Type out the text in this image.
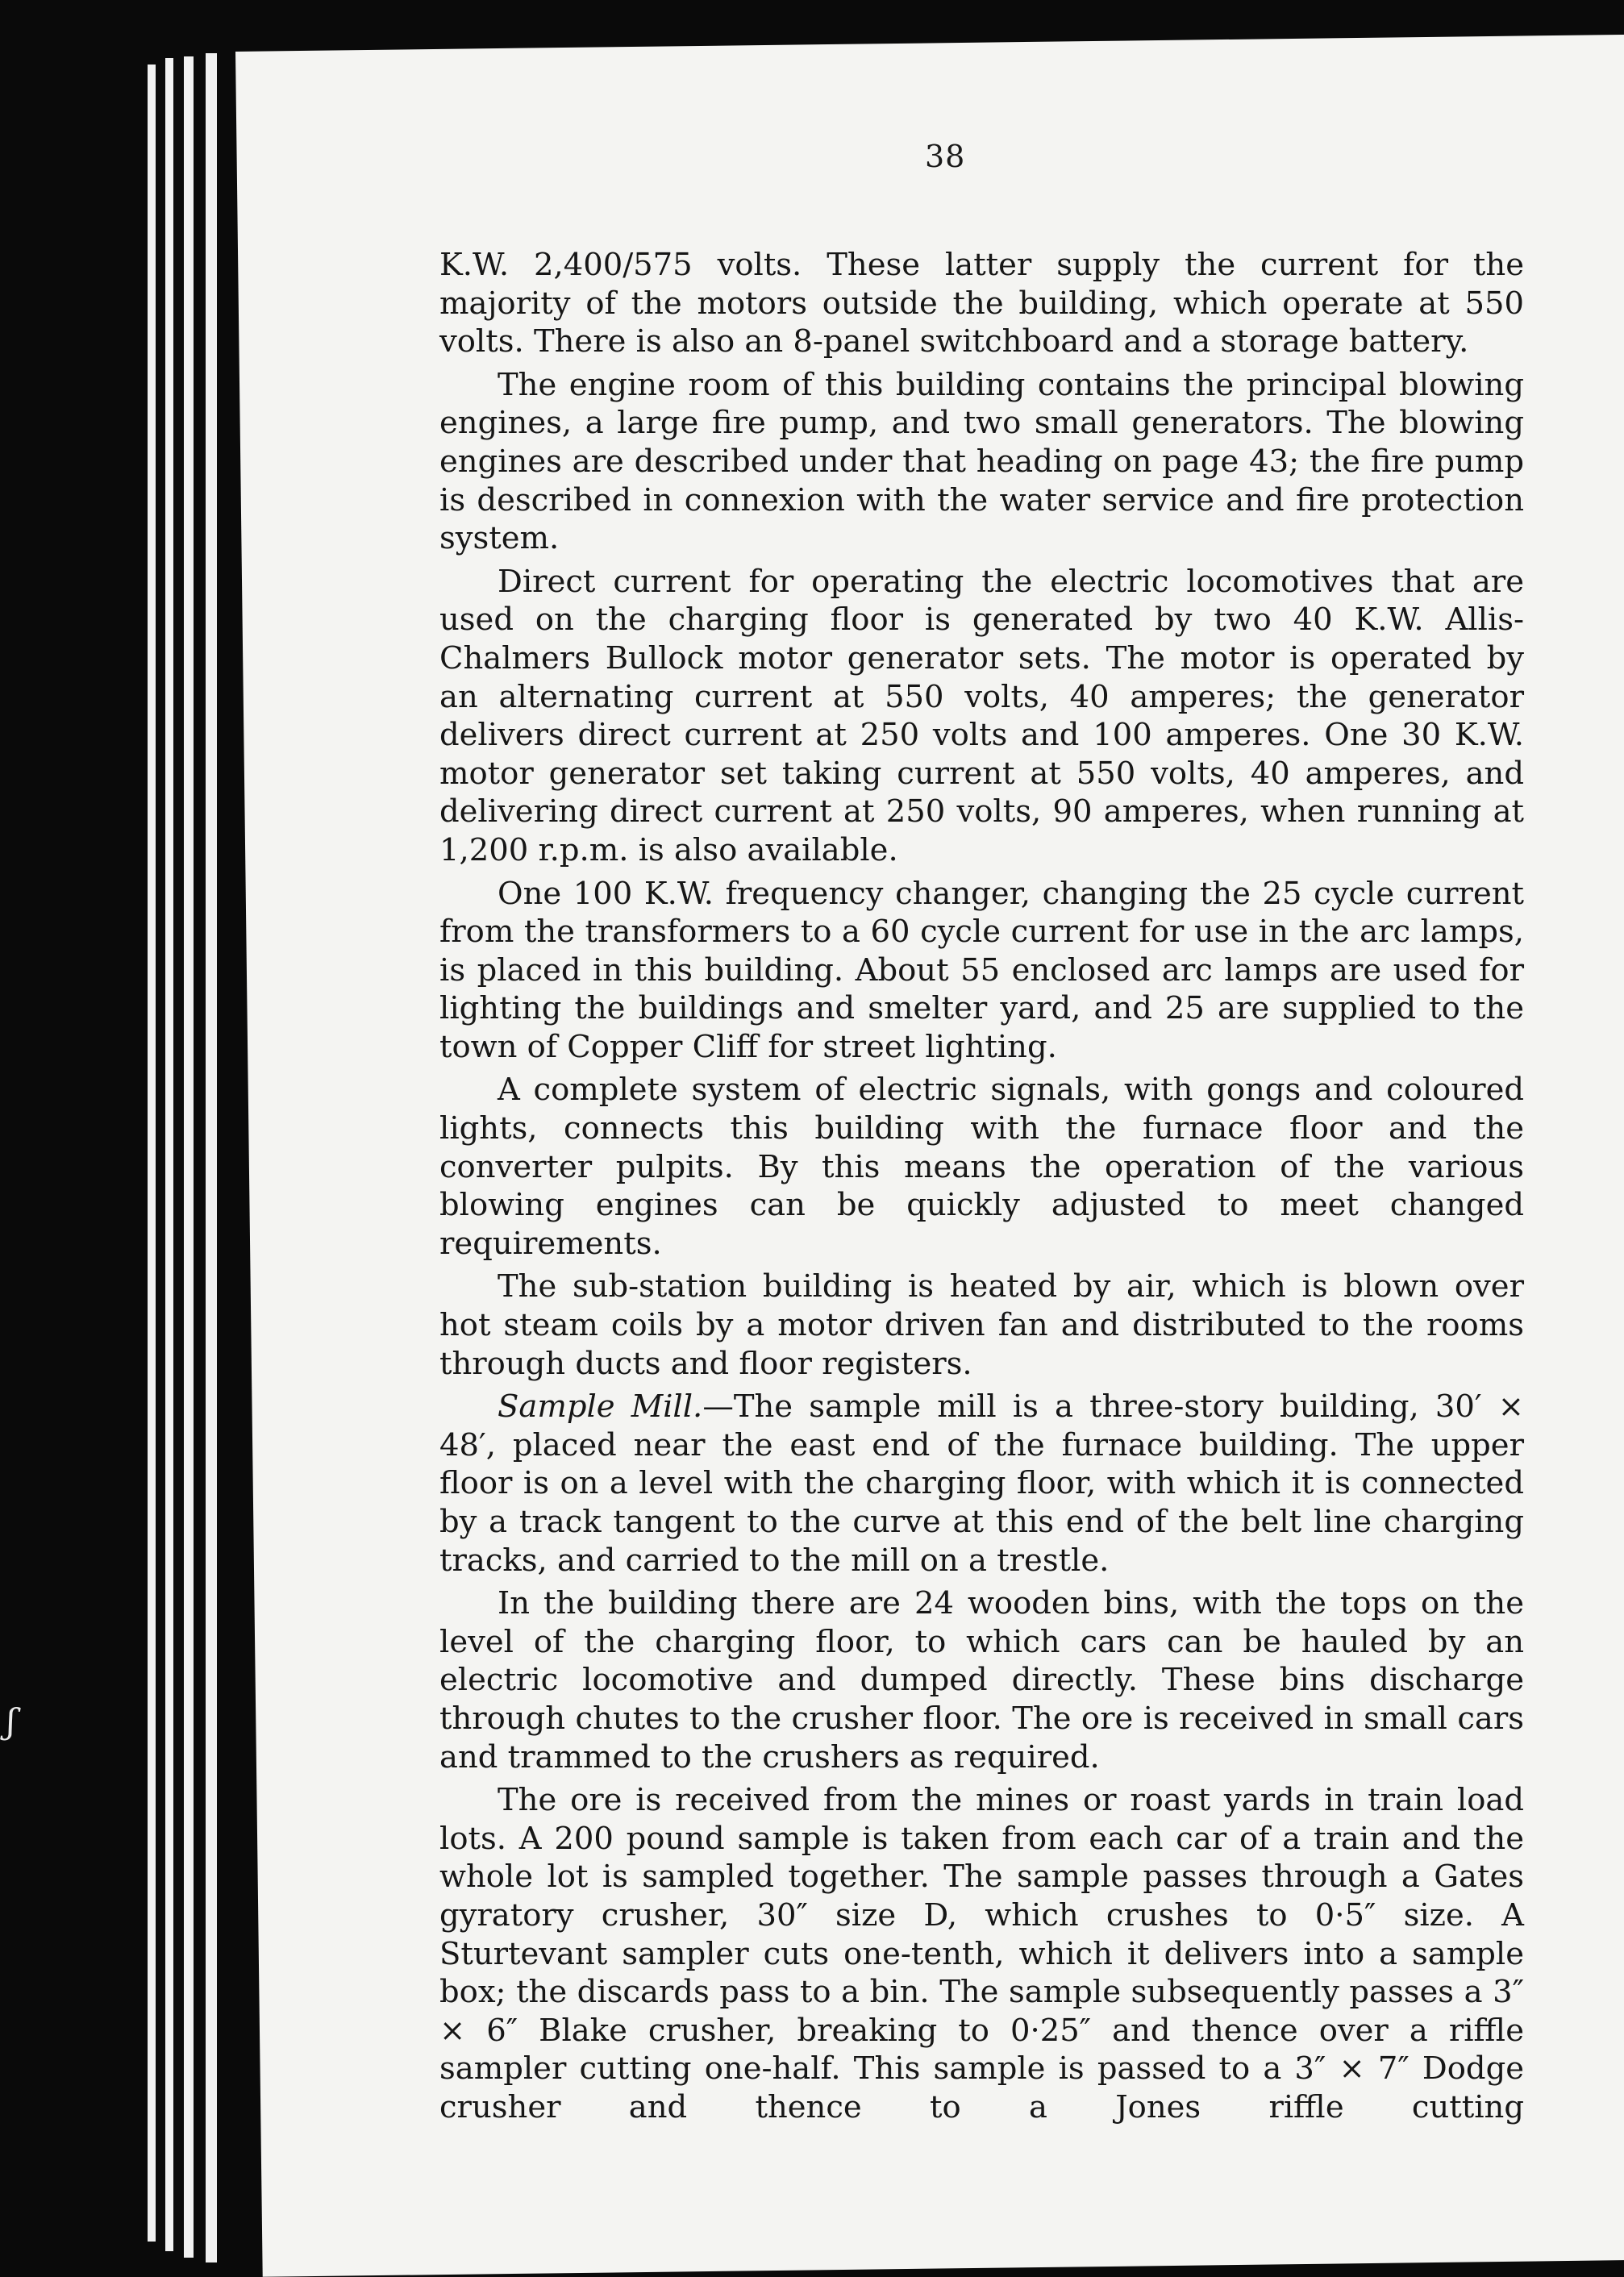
ʃ
38

K.W. 2,400/575 volts. These latter supply the current for the majority of the motors outside the building, which operate at 550 volts. There is also an 8-panel switchboard and a storage battery.

The engine room of this building contains the principal blowing engines, a large fire pump, and two small generators. The blowing engines are described under that heading on page 43; the fire pump is described in connexion with the water service and fire protection system.

Direct current for operating the electric locomotives that are used on the charging floor is generated by two 40 K.W. Allis-Chalmers Bullock motor generator sets. The motor is operated by an alternating current at 550 volts, 40 amperes; the generator delivers direct current at 250 volts and 100 amperes. One 30 K.W. motor generator set taking current at 550 volts, 40 amperes, and delivering direct current at 250 volts, 90 amperes, when running at 1,200 r.p.m. is also available.

One 100 K.W. frequency changer, changing the 25 cycle current from the transformers to a 60 cycle current for use in the arc lamps, is placed in this building. About 55 enclosed arc lamps are used for lighting the buildings and smelter yard, and 25 are supplied to the town of Copper Cliff for street lighting.

A complete system of electric signals, with gongs and coloured lights, connects this building with the furnace floor and the converter pulpits. By this means the operation of the various blowing engines can be quickly adjusted to meet changed requirements.

The sub-station building is heated by air, which is blown over hot steam coils by a motor driven fan and distributed to the rooms through ducts and floor registers.

Sample Mill.—The sample mill is a three-story building, 30′ × 48′, placed near the east end of the furnace building. The upper floor is on a level with the charging floor, with which it is connected by a track tangent to the curve at this end of the belt line charging tracks, and carried to the mill on a trestle.

In the building there are 24 wooden bins, with the tops on the level of the charging floor, to which cars can be hauled by an electric locomotive and dumped directly. These bins discharge through chutes to the crusher floor. The ore is received in small cars and trammed to the crushers as required.

The ore is received from the mines or roast yards in train load lots. A 200 pound sample is taken from each car of a train and the whole lot is sampled together. The sample passes through a Gates gyratory crusher, 30″ size D, which crushes to 0·5″ size. A Sturtevant sampler cuts one-tenth, which it delivers into a sample box; the discards pass to a bin. The sample subsequently passes a 3″ × 6″ Blake crusher, breaking to 0·25″ and thence over a riffle sampler cutting one-half. This sample is passed to a 3″ × 7″ Dodge crusher and thence to a Jones riffle cutting
